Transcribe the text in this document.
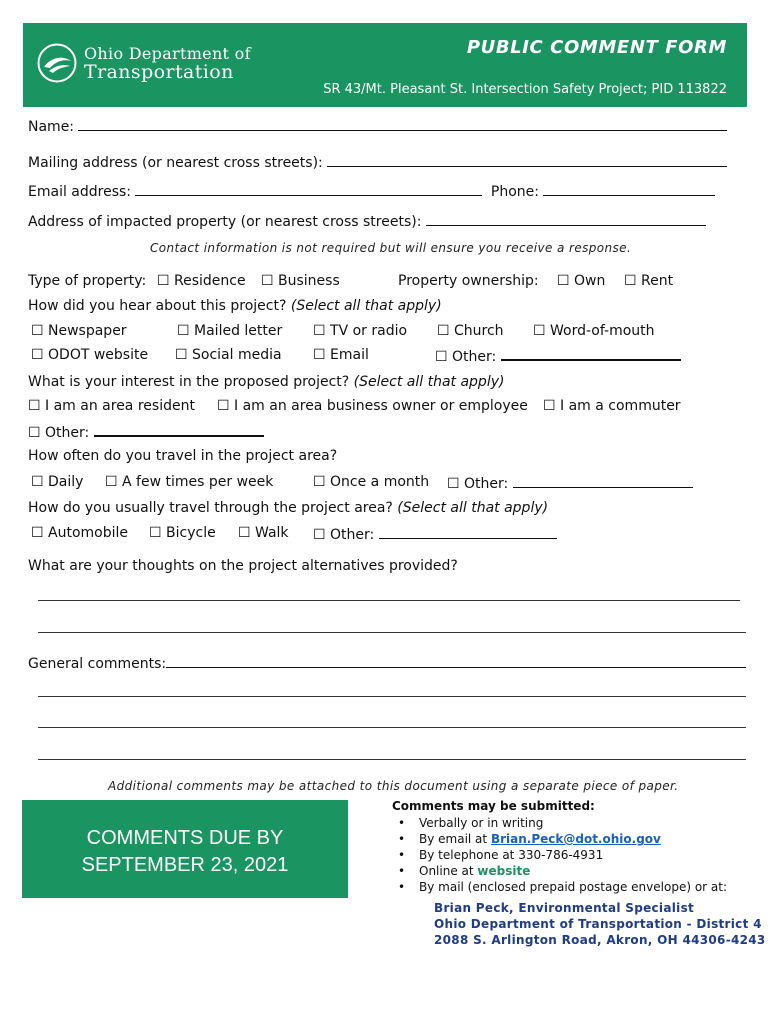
Ohio Department of
Transportation
PUBLIC COMMENT FORM
SR 43/Mt. Pleasant St. Intersection Safety Project; PID 113822
Name:
Mailing address (or nearest cross streets):
Email address:	Phone:
Address of impacted property (or nearest cross streets):
Contact information is not required but will ensure you receive a response.
Type of property: ☐ Residence ☐ Business	Property ownership: ☐ Own ☐ Rent
How did you hear about this project? (Select all that apply)
☐ Newspaper	☐ Mailed letter ☐ TV or radio ☐ Church ☐ Word-of-mouth
☐ ODOT website ☐ Social media ☐ Email	☐ Other:
What is your interest in the proposed project? (Select all that apply)
☐ I am an area resident ☐ I am an area business owner or employee ☐ I am a commuter
☐ Other:
How often do you travel in the project area?
☐ Daily ☐ A few times per week	☐ Once a month ☐ Other:
How do you usually travel through the project area? (Select all that apply)
☐ Automobile ☐ Bicycle ☐ Walk ☐ Other:
What are your thoughts on the project alternatives provided?
General comments:
Additional comments may be attached to this document using a separate piece of paper.
COMMENTS DUE BY
SEPTEMBER 23, 2021
Comments may be submitted:
• Verbally or in writing
• By email at Brian.Peck@dot.ohio.gov
• By telephone at 330-786-4931
• Online at website
• By mail (enclosed prepaid postage envelope) or at:
Brian Peck, Environmental Specialist
Ohio Department of Transportation - District 4
2088 S. Arlington Road, Akron, OH 44306-4243
